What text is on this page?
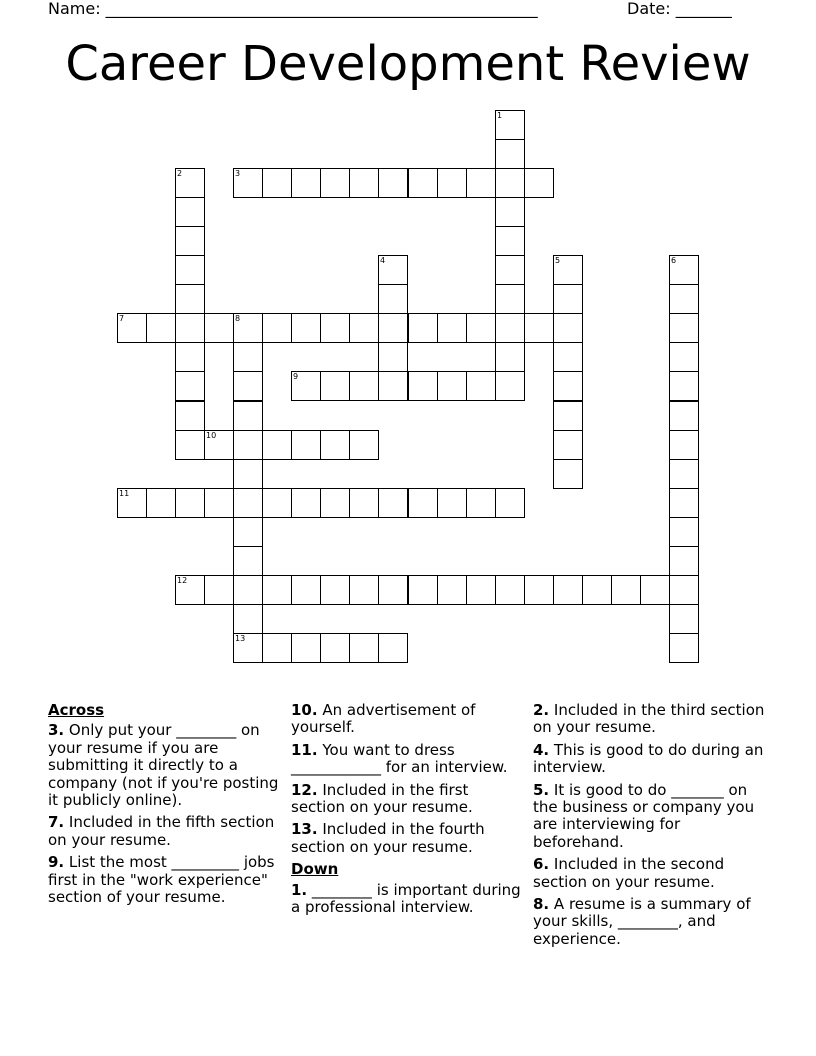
Name: ______________________________________________________	Date: _______
Career Development Review
1
2	3
4	5	6
7	8
13
9
10
11
12
Across
3. Only put your ________ on your resume if you are submitting it directly to a company (not if you're posting it publicly online).
7. Included in the fifth section on your resume.
9. List the most _________ jobs first in the "work experience" section of your resume.
10. An advertisement of yourself.
11. You want to dress ____________ for an interview.
12. Included in the first section on your resume.
13. Included in the fourth section on your resume.
Down
1. ________ is important during a professional interview.
2. Included in the third section on your resume.
4. This is good to do during an interview.
5. It is good to do _______ on the business or company you are interviewing for beforehand.
6. Included in the second section on your resume.
8. A resume is a summary of your skills, ________, and experience.
